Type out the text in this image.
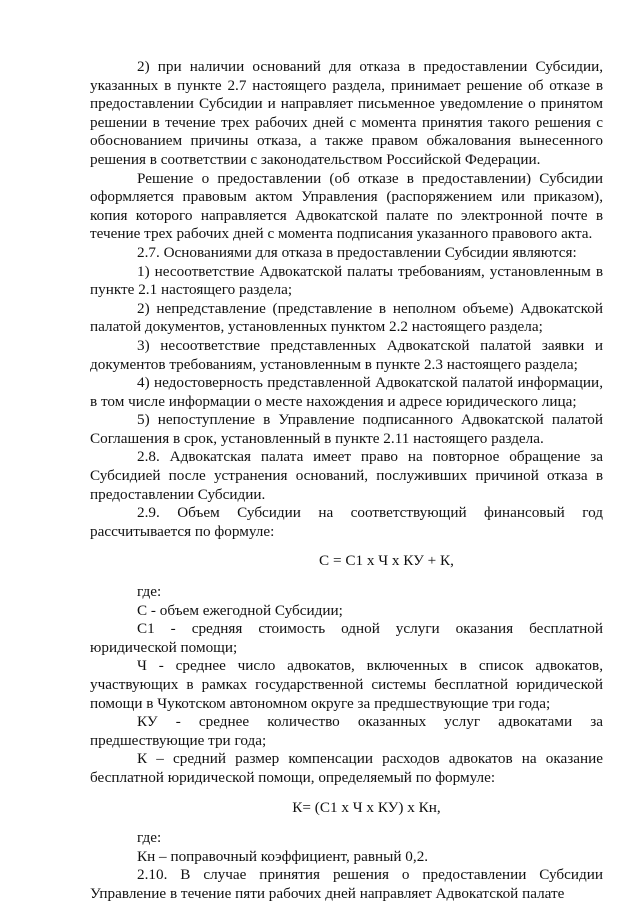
2) при наличии оснований для отказа в предоставлении Субсидии, указанных в пункте 2.7 настоящего раздела, принимает решение об отказе в предоставлении Субсидии и направляет письменное уведомление о принятом решении в течение трех рабочих дней с момента принятия такого решения с обоснованием причины отказа, а также правом обжалования вынесенного решения в соответствии с законодательством Российской Федерации.

Решение о предоставлении (об отказе в предоставлении) Субсидии оформляется правовым актом Управления (распоряжением или приказом), копия которого направляется Адвокатской палате по электронной почте в течение трех рабочих дней с момента подписания указанного правового акта.

2.7. Основаниями для отказа в предоставлении Субсидии являются:

1) несоответствие Адвокатской палаты требованиям, установленным в пункте 2.1 настоящего раздела;

2) непредставление (представление в неполном объеме) Адвокатской палатой документов, установленных пунктом 2.2 настоящего раздела;

3) несоответствие представленных Адвокатской палатой заявки и документов требованиям, установленным в пункте 2.3 настоящего раздела;

4) недостоверность представленной Адвокатской палатой информации, в том числе информации о месте нахождения и адресе юридического лица;

5) непоступление в Управление подписанного Адвокатской палатой Соглашения в срок, установленный в пункте 2.11 настоящего раздела.

2.8. Адвокатская палата имеет право на повторное обращение за Субсидией после устранения оснований, послуживших причиной отказа в предоставлении Субсидии.

2.9. Объем Субсидии на соответствующий финансовый год рассчитывается по формуле:

С = С1 х Ч х КУ + К,

где:

С - объем ежегодной Субсидии;

С1 - средняя стоимость одной услуги оказания бесплатной юридической помощи;

Ч - среднее число адвокатов, включенных в список адвокатов, участвующих в рамках государственной системы бесплатной юридической помощи в Чукотском автономном округе за предшествующие три года;

КУ - среднее количество оказанных услуг адвокатами за предшествующие три года;

К – средний размер компенсации расходов адвокатов на оказание бесплатной юридической помощи, определяемый по формуле:

К= (С1 х Ч х КУ) х Кн,

где:

Кн – поправочный коэффициент, равный 0,2.

2.10. В случае принятия решения о предоставлении Субсидии Управление в течение пяти рабочих дней направляет Адвокатской палате
